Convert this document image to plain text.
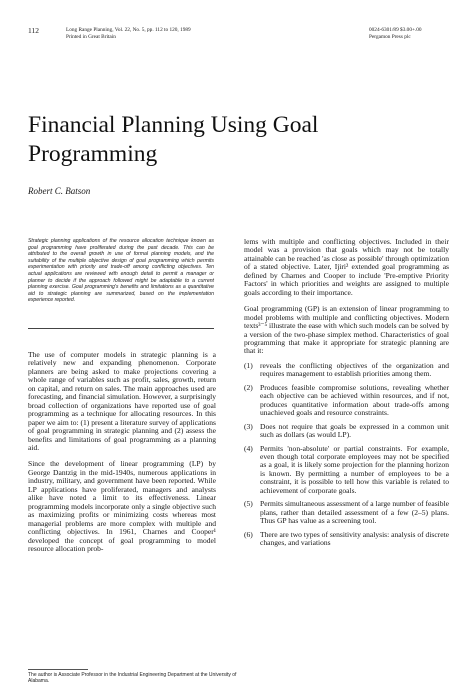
112	Long Range Planning, Vol. 22, No. 5, pp. 112 to 120, 1989
Printed in Great Britain
0024-6301/89 $3.00+.00
Pergamon Press plc
Financial Planning Using Goal Programming
Robert C. Batson
Strategic planning applications of the resource allocation technique known as goal programming have proliferated during the past decade. This can be attributed to the overall growth in use of formal planning models, and the suitability of the multiple objective design of goal programming which permits experimentation with priority and trade-off among conflicting objectives. Ten actual applications are reviewed with enough detail to permit a manager or planner to decide if the approach followed might be adaptable to a current planning exercise. Goal programming's benefits and limitations as a quantitative aid to strategic planning are summarized, based on the implementation experience reported.

The use of computer models in strategic planning is a relatively new and expanding phenomenon. Corporate planners are being asked to make projections covering a whole range of variables such as profit, sales, growth, return on capital, and return on sales. The main approaches used are forecasting, and financial simulation. However, a surprisingly broad collection of organizations have reported use of goal programming as a technique for allocating resources. In this paper we aim to: (1) present a literature survey of applications of goal programming in strategic planning and (2) assess the benefits and limitations of goal programming as a planning aid.

Since the development of linear programming (LP) by George Dantzig in the mid-1940s, numerous applications in industry, military, and government have been reported. While LP applications have proliferated, managers and analysts alike have noted a limit to its effectiveness. Linear programming models incorporate only a single objective such as maximizing profits or minimizing costs whereas most managerial problems are more complex with multiple and conflicting objectives. In 1961, Charnes and Cooper¹ developed the concept of goal programming to model resource allocation prob-

lems with multiple and conflicting objectives. Included in their model was a provision that goals which may not be totally attainable can be reached 'as close as possible' through optimization of a stated objective. Later, Ijiri² extended goal programming as defined by Charnes and Cooper to include 'Pre-emptive Priority Factors' in which priorities and weights are assigned to multiple goals according to their importance.

Goal programming (GP) is an extension of linear programming to model problems with multiple and conflicting objectives. Modern texts³⁻⁵ illustrate the ease with which such models can be solved by a version of the two-phase simplex method. Characteristics of goal programming that make it appropriate for strategic planning are that it:

(1) reveals the conflicting objectives of the organization and requires management to establish priorities among them.
(2) Produces feasible compromise solutions, revealing whether each objective can be achieved within resources, and if not, produces quantitative information about trade-offs among unachieved goals and resource constraints.
(3) Does not require that goals be expressed in a common unit such as dollars (as would LP).
(4) Permits 'non-absolute' or partial constraints. For example, even though total corporate employees may not be specified as a goal, it is likely some projection for the planning horizon is known. By permitting a number of employees to be a constraint, it is possible to tell how this variable is related to achievement of corporate goals.
(5) Permits simultaneous assessment of a large number of feasible plans, rather than detailed assessment of a few (2–5) plans. Thus GP has value as a screening tool.
(6) There are two types of sensitivity analysis: analysis of discrete changes, and variations
The author is Associate Professor in the Industrial Engineering Department at the University of Alabama.
